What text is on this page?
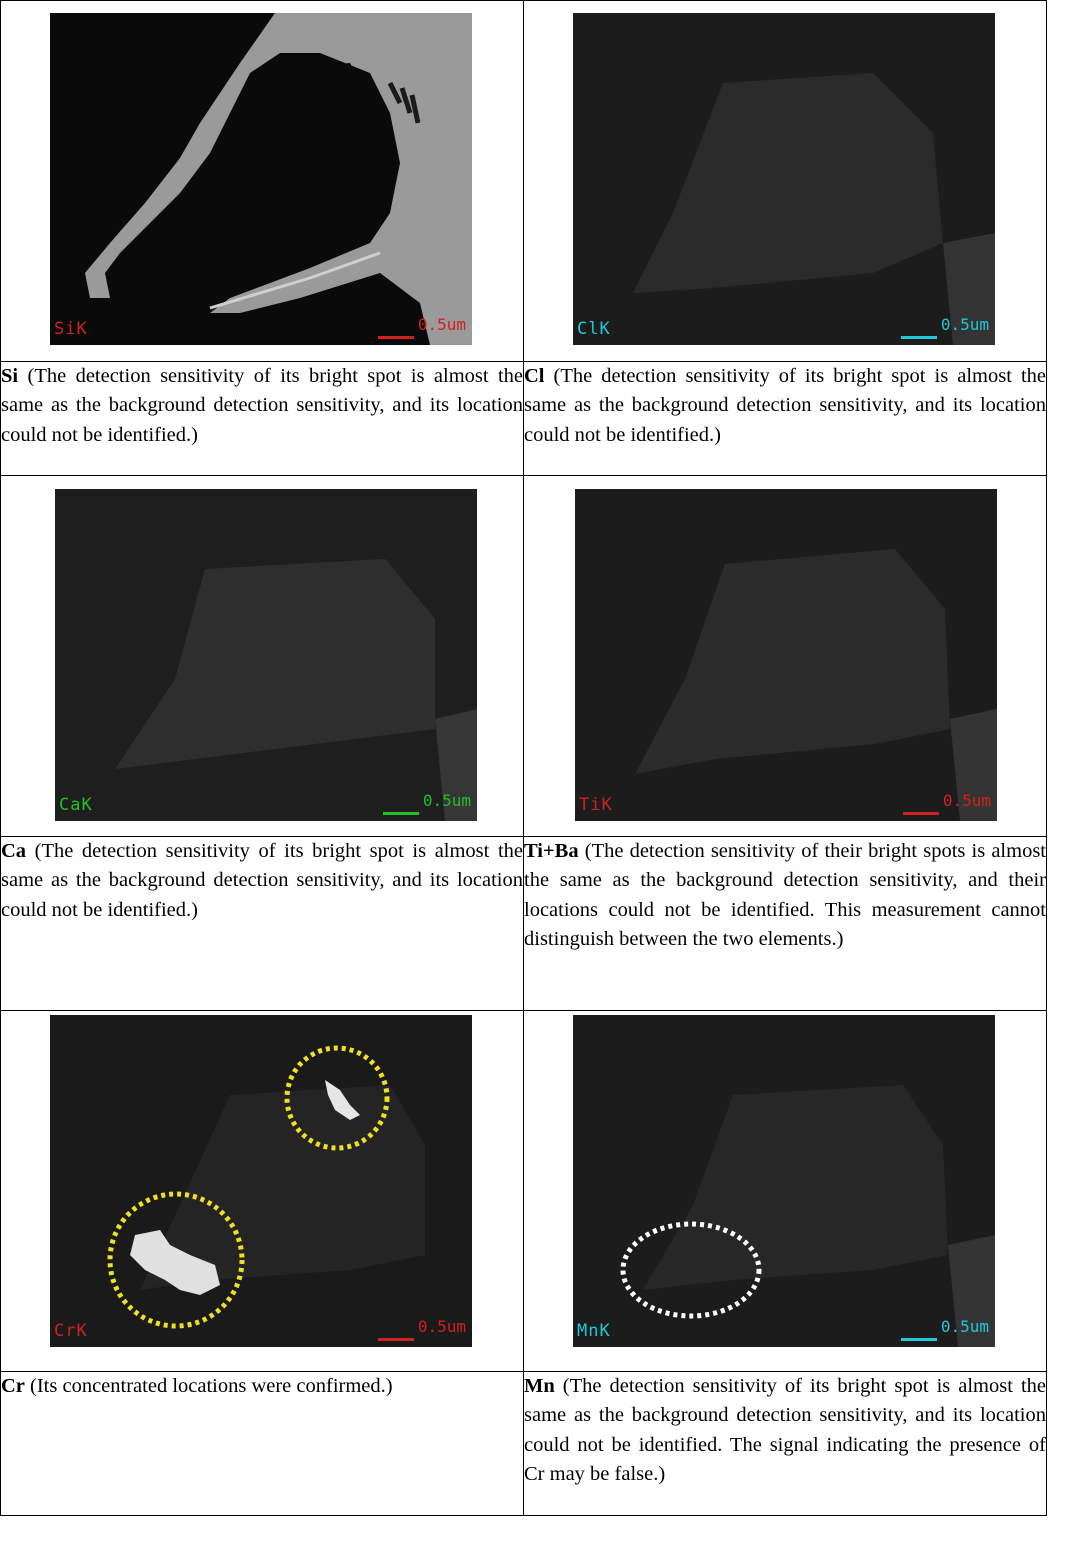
SiK 0.5um	ClK 0.5um

Si (The detection sensitivity of its bright spot is almost the same as the background detection sensitivity, and its location could not be identified.)	Cl (The detection sensitivity of its bright spot is almost the same as the background detection sensitivity, and its location could not be identified.)

CaK 0.5um	TiK 0.5um

Ca (The detection sensitivity of its bright spot is almost the same as the background detection sensitivity, and its location could not be identified.)	Ti+Ba (The detection sensitivity of their bright spots is almost the same as the background detection sensitivity, and their locations could not be identified. This measurement cannot distinguish between the two elements.)

CrK 0.5um	MnK 0.5um

Cr (Its concentrated locations were confirmed.)	Mn (The detection sensitivity of its bright spot is almost the same as the background detection sensitivity, and its location could not be identified. The signal indicating the presence of Cr may be false.)
